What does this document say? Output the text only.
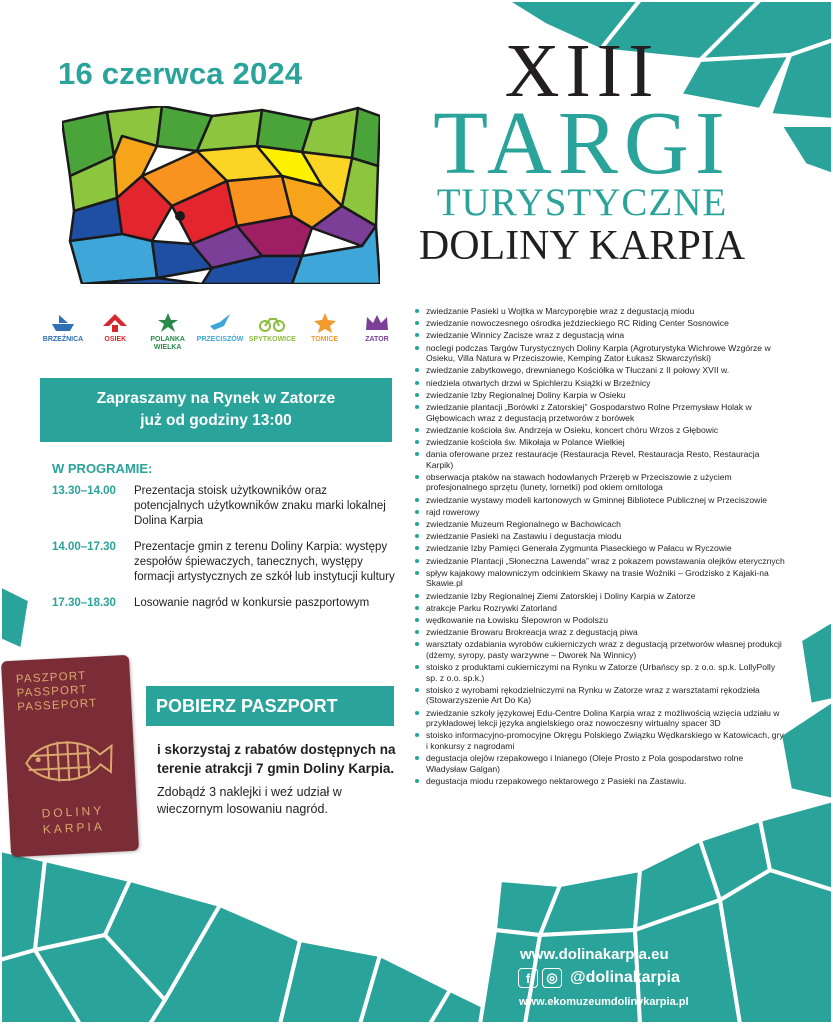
16 czerwca 2024	XIII
TARGI
TURYSTYCZNE
DOLINY KARPIA
BRZEŹNICA	OSIEK	POLANKA WIELKA
PRZECISZÓW SPYTKOWICE TOMICE	ZATOR
Zapraszamy na Rynek w Zatorze
już od godziny 13:00
W PROGRAMIE:
13.30–14.00	Prezentacja stoisk użytkowników oraz potencjalnych użytkowników znaku marki lokalnej Dolina Karpia
14.00–17.30	Prezentacje gmin z terenu Doliny Karpia: występy zespołów śpiewaczych, tanecznych, występy formacji artystycznych ze szkół lub instytucji kultury
17.30–18.30	Losowanie nagród w konkursie paszportowym
POBIERZ PASZPORT
PASZPORT
PASSPORT
PASSEPORT
DOLINY
KARPIA
i skorzystaj z rabatów dostępnych na terenie atrakcji 7 gmin Doliny Karpia.
Zdobądź 3 naklejki i weź udział w wieczornym losowaniu nagród.
zwiedzanie Pasieki u Wojtka w Marcyporębie wraz z degustacją miodu
zwiedzanie nowoczesnego ośrodka jeździeckiego RC Riding Center Sosnowice
zwiedzanie Winnicy Zacisze wraz z degustacją wina
noclegi podczas Targów Turystycznych Doliny Karpia (Agroturystyka Wichrowe Wzgórze w Osieku, Villa Natura w Przeciszowie, Kemping Zator Łukasz Skwarczyński)
zwiedzanie zabytkowego, drewnianego Kościółka w Tłuczani z II połowy XVII w.
niedziela otwartych drzwi w Spichlerzu Książki w Brzeźnicy
zwiedzanie Izby Regionalnej Doliny Karpia w Osieku
zwiedzanie plantacji „Borówki z Zatorskiej” Gospodarstwo Rolne Przemysław Holak w Głębowicach wraz z degustacją przetworów z borówek
zwiedzanie kościoła św. Andrzeja w Osieku, koncert chóru Wrzos z Głębowic
zwiedzanie kościoła św. Mikołaja w Polance Wielkiej
dania oferowane przez restauracje (Restauracja Revel, Restauracja Resto, Restauracja Karpik)
obserwacja ptaków na stawach hodowlanych Przeręb w Przeciszowie z użyciem profesjonalnego sprzętu (lunety, lornetki) pod okiem ornitologa
zwiedzanie wystawy modeli kartonowych w Gminnej Bibliotece Publicznej w Przeciszowie
rajd rowerowy
zwiedzanie Muzeum Regionalnego w Bachowicach
zwiedzanie Pasieki na Zastawiu i degustacja miodu
zwiedzanie Izby Pamięci Generała Zygmunta Piaseckiego w Pałacu w Ryczowie
zwiedzanie Plantacji „Słoneczna Lawenda” wraz z pokazem powstawania olejków eterycznych
spływ kajakowy malowniczym odcinkiem Skawy na trasie Woźniki – Grodzisko z Kajaki-na Skawie.pl
zwiedzanie Izby Regionalnej Ziemi Zatorskiej i Doliny Karpia w Zatorze
atrakcje Parku Rozrywki Zatorland
wędkowanie na Łowisku Ślepowron w Podolszu
zwiedzanie Browaru Brokreacja wraz z degustacją piwa
warsztaty ozdabiania wyrobów cukierniczych wraz z degustacją przetworów własnej produkcji (dżemy, syropy, pasty warzywne – Dworek Na Winnicy)
stoisko z produktami cukierniczymi na Rynku w Zatorze (Urbańscy sp. z o.o. sp.k. LollyPolly sp. z o.o. sp.k.)
stoisko z wyrobami rękodzielniczymi na Rynku w Zatorze wraz z warsztatami rękodzieła (Stowarzyszenie Art Do Ka)
zwiedzanie szkoły językowej Edu-Centre Dolina Karpia wraz z możliwością wzięcia udziału w przykładowej lekcji języka angielskiego oraz nowoczesny wirtualny spacer 3D
stoisko informacyjno-promocyjne Okręgu Polskiego Związku Wędkarskiego w Katowicach, gry i konkursy z nagrodami
degustacja olejów rzepakowego i lnianego (Oleje Prosto z Pola gospodarstwo rolne Władysław Galgan)
degustacja miodu rzepakowego nektarowego z Pasieki na Zastawiu.
www.dolinakarpia.eu
f	◎ @dolinakarpia
www.ekomuzeumdolinykarpia.pl
